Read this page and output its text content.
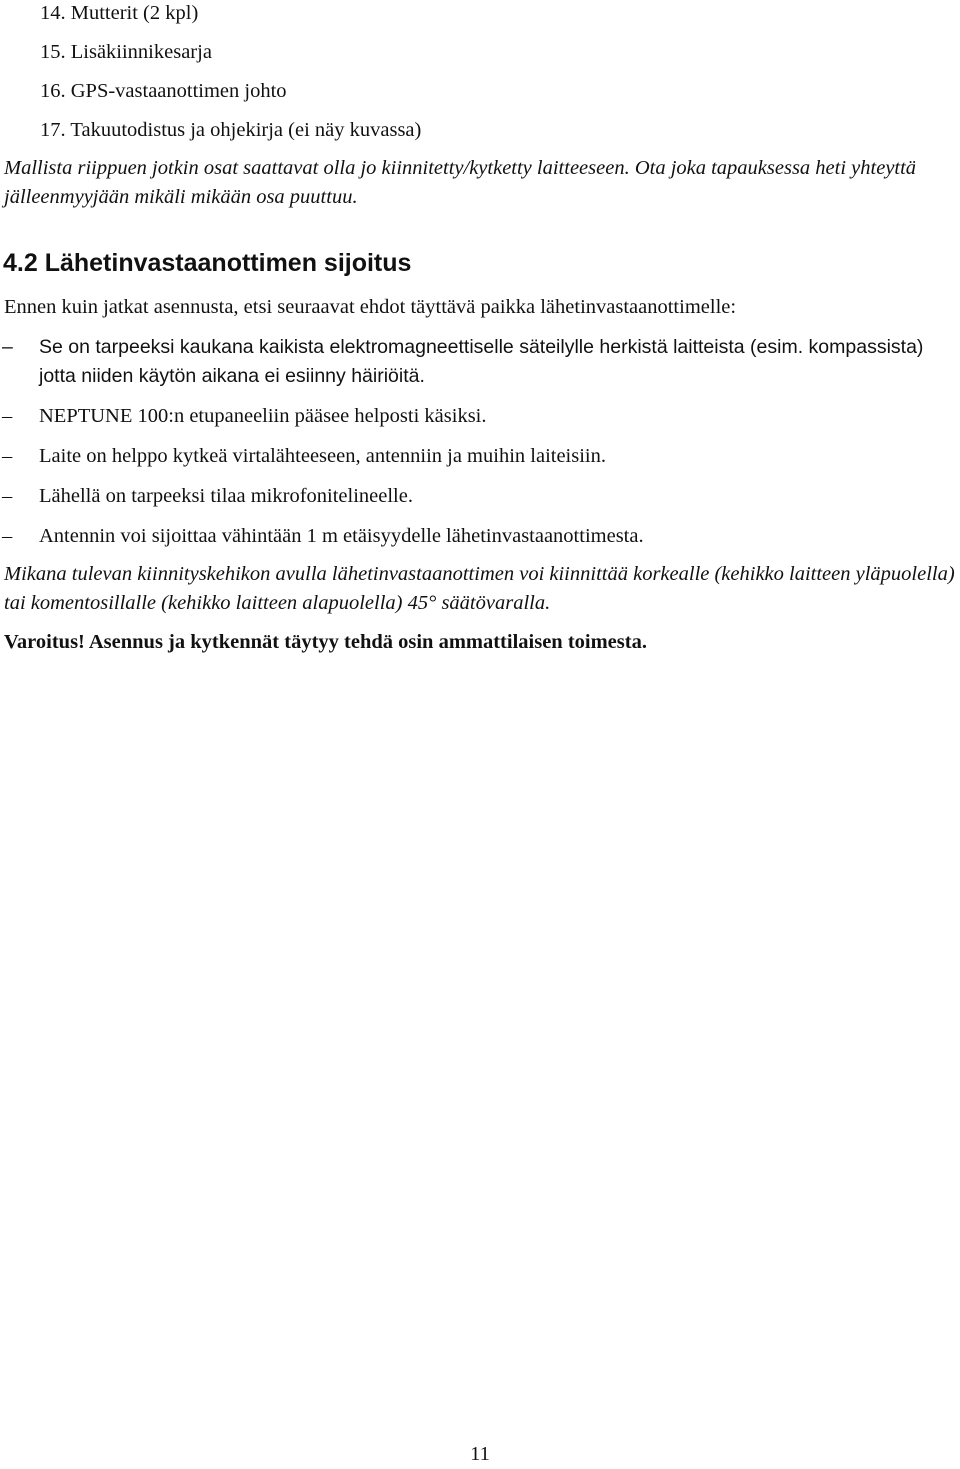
14. Mutterit (2 kpl)
15. Lisäkiinnikesarja
16. GPS-vastaanottimen johto
17. Takuutodistus ja ohjekirja (ei näy kuvassa)

Mallista riippuen jotkin osat saattavat olla jo kiinnitetty/kytketty laitteeseen. Ota joka tapauksessa heti yhteyttä jälleenmyyjään mikäli mikään osa puuttuu.

4.2 Lähetinvastaanottimen sijoitus

Ennen kuin jatkat asennusta, etsi seuraavat ehdot täyttävä paikka lähetinvastaanottimelle:

–	Se on tarpeeksi kaukana kaikista elektromagneettiselle säteilylle herkistä laitteista (esim. kompassista) jotta niiden käytön aikana ei esiinny häiriöitä.
–	NEPTUNE 100:n etupaneeliin pääsee helposti käsiksi.
–	Laite on helppo kytkeä virtalähteeseen, antenniin ja muihin laiteisiin.
–	Lähellä on tarpeeksi tilaa mikrofonitelineelle.
–	Antennin voi sijoittaa vähintään 1 m etäisyydelle lähetinvastaanottimesta.

Mikana tulevan kiinnityskehikon avulla lähetinvastaanottimen voi kiinnittää korkealle (kehikko laitteen yläpuolella) tai komentosillalle (kehikko laitteen alapuolella) 45° säätövaralla.

Varoitus! Asennus ja kytkennät täytyy tehdä osin ammattilaisen toimesta.

11
